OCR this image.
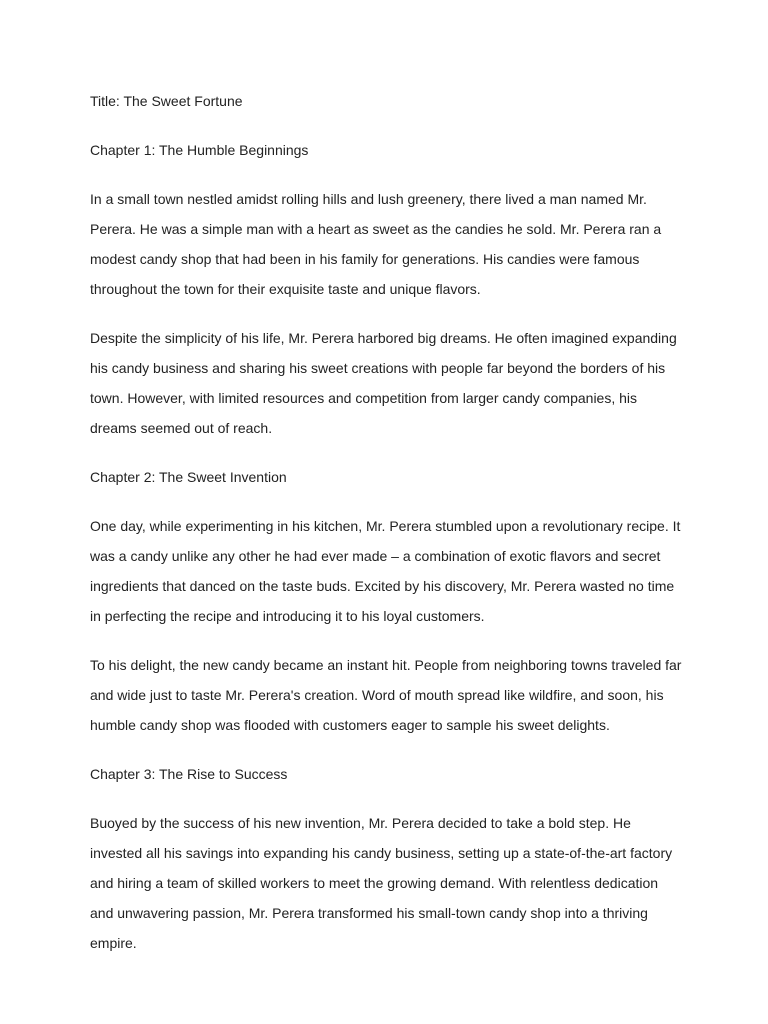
Title: The Sweet Fortune

Chapter 1: The Humble Beginnings

In a small town nestled amidst rolling hills and lush greenery, there lived a man named Mr. Perera. He was a simple man with a heart as sweet as the candies he sold. Mr. Perera ran a modest candy shop that had been in his family for generations. His candies were famous throughout the town for their exquisite taste and unique flavors.

Despite the simplicity of his life, Mr. Perera harbored big dreams. He often imagined expanding his candy business and sharing his sweet creations with people far beyond the borders of his town. However, with limited resources and competition from larger candy companies, his dreams seemed out of reach.

Chapter 2: The Sweet Invention

One day, while experimenting in his kitchen, Mr. Perera stumbled upon a revolutionary recipe. It was a candy unlike any other he had ever made – a combination of exotic flavors and secret ingredients that danced on the taste buds. Excited by his discovery, Mr. Perera wasted no time in perfecting the recipe and introducing it to his loyal customers.

To his delight, the new candy became an instant hit. People from neighboring towns traveled far and wide just to taste Mr. Perera's creation. Word of mouth spread like wildfire, and soon, his humble candy shop was flooded with customers eager to sample his sweet delights.

Chapter 3: The Rise to Success

Buoyed by the success of his new invention, Mr. Perera decided to take a bold step. He invested all his savings into expanding his candy business, setting up a state-of-the-art factory and hiring a team of skilled workers to meet the growing demand. With relentless dedication and unwavering passion, Mr. Perera transformed his small-town candy shop into a thriving empire.
